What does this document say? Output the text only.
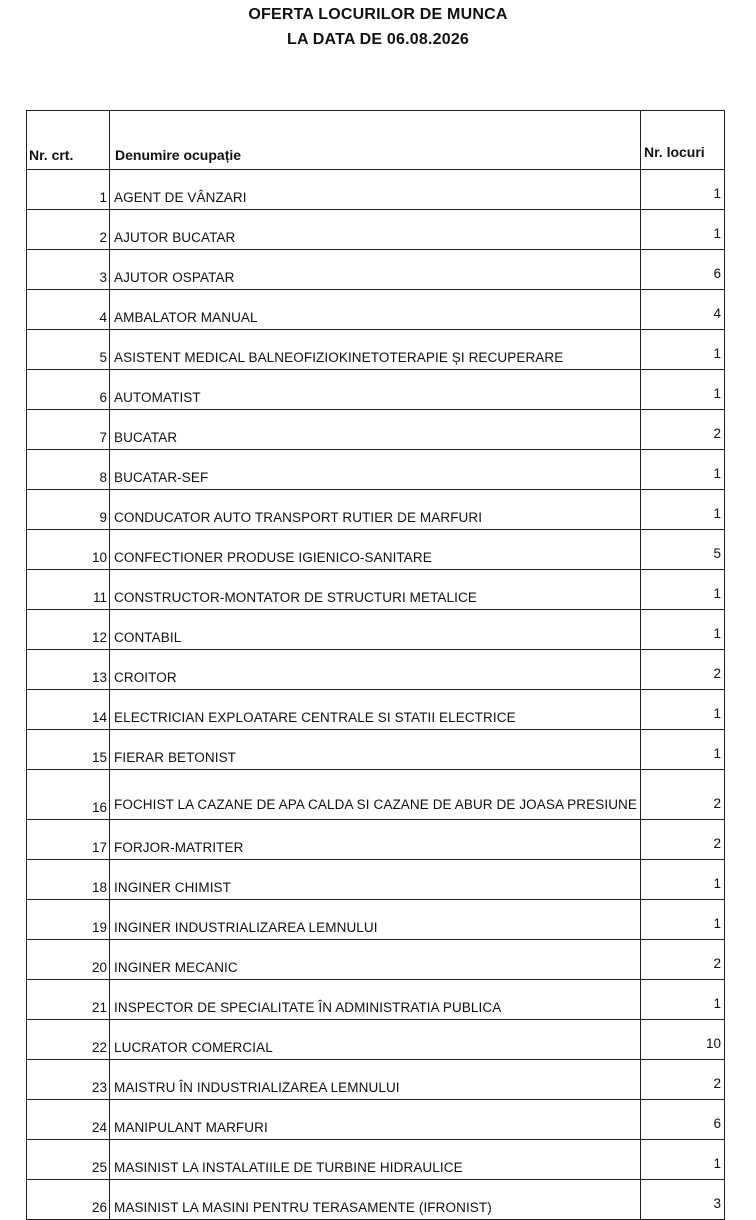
OFERTA LOCURILOR DE MUNCA
LA DATA DE 06.08.2026
Nr. crt.	Denumire ocupație	Nr. locuri
1	AGENT DE VÂNZARI	1
2	AJUTOR BUCATAR	1
3	AJUTOR OSPATAR	6
4	AMBALATOR MANUAL	4
5	ASISTENT MEDICAL BALNEOFIZIOKINETOTERAPIE ȘI RECUPERARE	1
6	AUTOMATIST	1
7	BUCATAR	2
8	BUCATAR-SEF	1
9	CONDUCATOR AUTO TRANSPORT RUTIER DE MARFURI	1
10	CONFECTIONER PRODUSE IGIENICO-SANITARE	5
11	CONSTRUCTOR-MONTATOR DE STRUCTURI METALICE	1
12	CONTABIL	1
13	CROITOR	2
14	ELECTRICIAN EXPLOATARE CENTRALE SI STATII ELECTRICE	1
15	FIERAR BETONIST	1
16	FOCHIST LA CAZANE DE APA CALDA SI CAZANE DE ABUR DE JOASA PRESIUNE	2
17	FORJOR-MATRITER	2
18	INGINER CHIMIST	1
19	INGINER INDUSTRIALIZAREA LEMNULUI	1
20	INGINER MECANIC	2
21	INSPECTOR DE SPECIALITATE ÎN ADMINISTRATIA PUBLICA	1
22	LUCRATOR COMERCIAL	10
23	MAISTRU ÎN INDUSTRIALIZAREA LEMNULUI	2
24	MANIPULANT MARFURI	6
25	MASINIST LA INSTALATIILE DE TURBINE HIDRAULICE	1
26	MASINIST LA MASINI PENTRU TERASAMENTE (IFRONIST)	3
